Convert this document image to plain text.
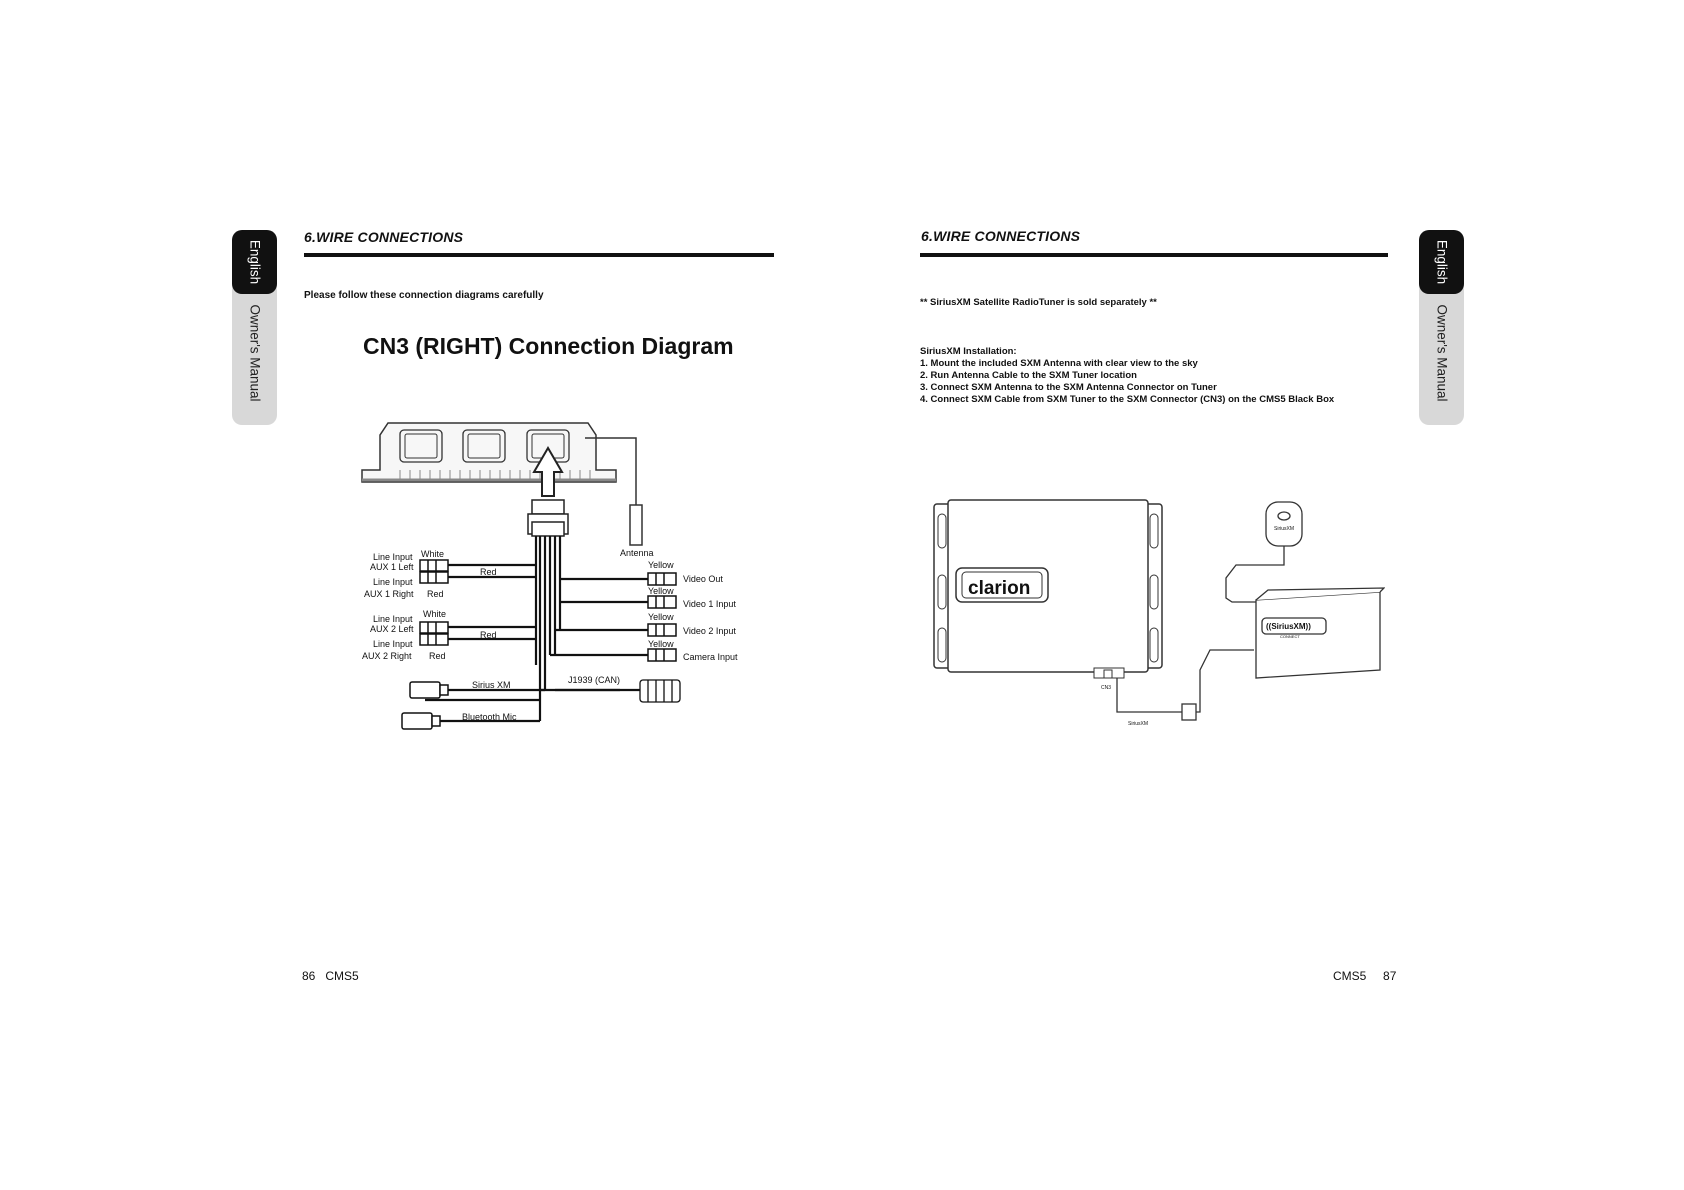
Owner's Manual
English
6.WIRE CONNECTIONS
Please follow these connection diagrams carefully
CN3 (RIGHT) Connection Diagram
Line Input
AUX 1 Left
Line Input
AUX 1 Right
White
Red
Red
Line Input
AUX 2 Left
Line Input
AUX 2 Right
White
Red
Red
Antenna
Yellow
Video Out
Yellow
Video 1 Input
Yellow
Video 2 Input
Yellow
Camera Input
Sirius XM	J1939 (CAN)
Bluetooth Mic
86 CMS5
6.WIRE CONNECTIONS
Owner's Manual
English
** SiriusXM Satellite RadioTuner is sold separately **
SiriusXM Installation:
1. Mount the included SXM Antenna with clear view to the sky
2. Run Antenna Cable to the SXM Tuner location
3. Connect SXM Antenna to the SXM Antenna Connector on Tuner
4. Connect SXM Cable from SXM Tuner to the SXM Connector (CN3) on the CMS5 Black Box
clarion
CN3
SiriusXM
((SiriusXM))
CONNECT
SiriusXM
CMS5 87
